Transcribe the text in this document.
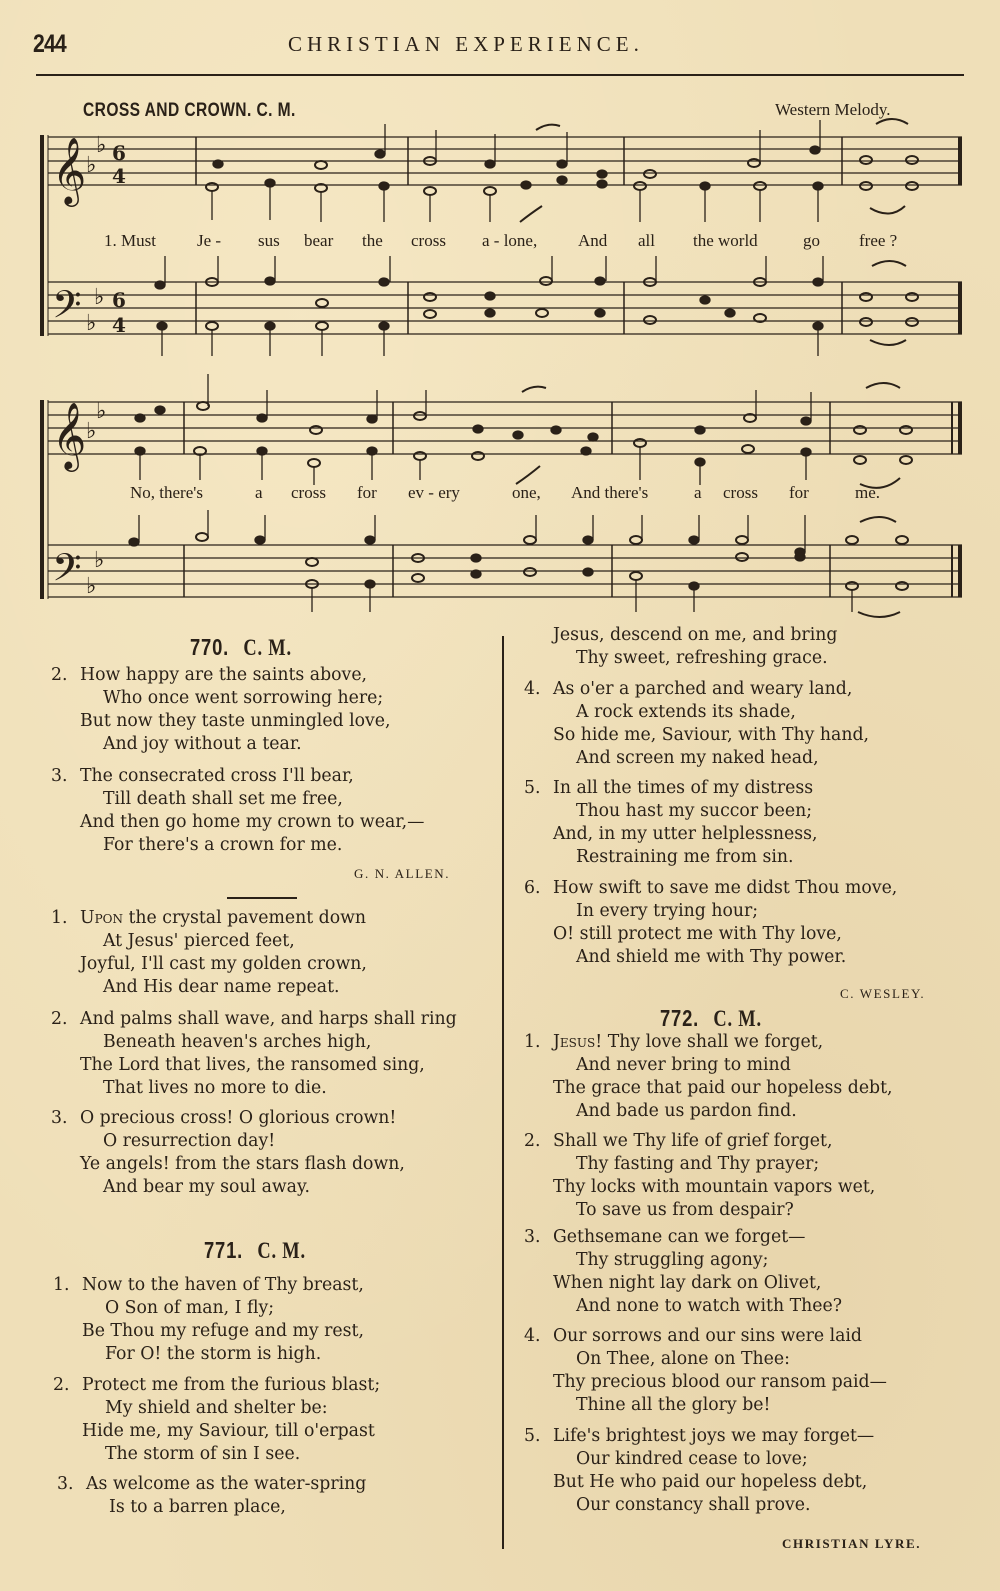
244	CHRISTIAN EXPERIENCE.
CROSS AND CROWN. C. M.	Western Melody.
𝄞
𝄢
𝄞
𝄢
♭
♭
♭
♭
♭
♭
♭
♭
6
4
6
4
1. Must Je - sus bear the cross a - lone, And all the world	go free ?
No, there's	a cross for ev - ery	one, And there's	a cross for	me.
770. C. M.
2. How happy are the saints above,
Who once went sorrowing here;
But now they taste unmingled love,
And joy without a tear.
3. The consecrated cross I'll bear,
Till death shall set me free,
And then go home my crown to wear,—
For there's a crown for me.
G. N. ALLEN.
1. Upon the crystal pavement down
At Jesus' pierced feet,
Joyful, I'll cast my golden crown,
And His dear name repeat.
2. And palms shall wave, and harps shall ring
Beneath heaven's arches high,
The Lord that lives, the ransomed sing,
That lives no more to die.
3. O precious cross! O glorious crown!
O resurrection day!
Ye angels! from the stars flash down,
And bear my soul away.
771. C. M.
1. Now to the haven of Thy breast,
O Son of man, I fly;
Be Thou my refuge and my rest,
For O! the storm is high.
2. Protect me from the furious blast;
My shield and shelter be:
Hide me, my Saviour, till o'erpast
The storm of sin I see.
3. As welcome as the water-spring
Is to a barren place,
Jesus, descend on me, and bring
Thy sweet, refreshing grace.
4. As o'er a parched and weary land,
A rock extends its shade,
So hide me, Saviour, with Thy hand,
And screen my naked head,
5. In all the times of my distress
Thou hast my succor been;
And, in my utter helplessness,
Restraining me from sin.
6. How swift to save me didst Thou move,
In every trying hour;
O! still protect me with Thy love,
And shield me with Thy power.
C. WESLEY.
772. C. M.
1. Jesus! Thy love shall we forget,
And never bring to mind
The grace that paid our hopeless debt,
And bade us pardon find.
2. Shall we Thy life of grief forget,
Thy fasting and Thy prayer;
Thy locks with mountain vapors wet,
To save us from despair?
3. Gethsemane can we forget—
Thy struggling agony;
When night lay dark on Olivet,
And none to watch with Thee?
4. Our sorrows and our sins were laid
On Thee, alone on Thee:
Thy precious blood our ransom paid—
Thine all the glory be!
5. Life's brightest joys we may forget—
Our kindred cease to love;
But He who paid our hopeless debt,
Our constancy shall prove.
CHRISTIAN LYRE.
